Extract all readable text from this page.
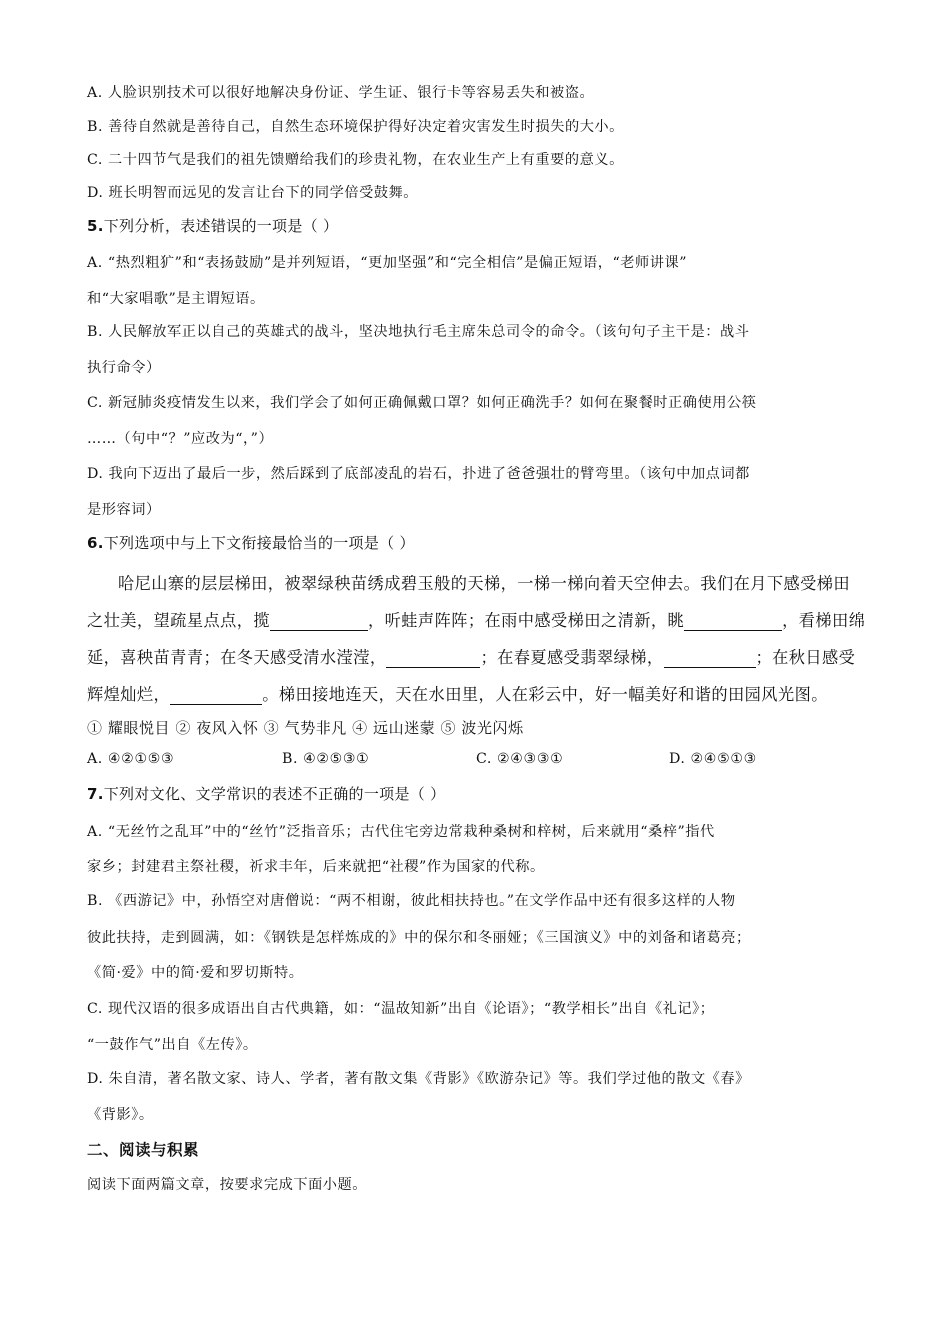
A. 人脸识别技术可以很好地解决身份证、学生证、银行卡等容易丢失和被盗。
B. 善待自然就是善待自己，自然生态环境保护得好决定着灾害发生时损失的大小。
C. 二十四节气是我们的祖先馈赠给我们的珍贵礼物，在农业生产上有重要的意义。
D. 班长明智而远见的发言让台下的同学倍受鼓舞。
5.下列分析，表述错误的一项是（ ）
A. “热烈粗犷”和“表扬鼓励”是并列短语，“更加坚强”和“完全相信”是偏正短语，“老师讲课”
和“大家唱歌”是主谓短语。
B. 人民解放军正以自己的英雄式的战斗，坚决地执行毛主席朱总司令的命令。（该句句子主干是：战斗
执行命令）
C. 新冠肺炎疫情发生以来，我们学会了如何正确佩戴口罩？如何正确洗手？如何在聚餐时正确使用公筷
……（句中“？”应改为“，”）
D. 我向下迈出了最后一步，然后踩到了底部凌乱的岩石，扑进了爸爸强壮的臂弯里。（该句中加点词都
是形容词）
6.下列选项中与上下文衔接最恰当的一项是（ ）
哈尼山寨的层层梯田，被翠绿秧苗绣成碧玉般的天梯，一梯一梯向着天空伸去。我们在月下感受梯田
之壮美，望疏星点点，揽	，听蛙声阵阵；在雨中感受梯田之清新，眺	，看梯田绵
延，喜秧苗青青；在冬天感受清水滢滢，	；在春夏感受翡翠绿梯，	；在秋日感受
辉煌灿烂，	。梯田接地连天，天在水田里，人在彩云中，好一幅美好和谐的田园风光图。
① 耀眼悦目 ② 夜风入怀 ③ 气势非凡 ④ 远山迷蒙 ⑤ 波光闪烁
A. ④②①⑤③	B. ④②⑤③①	C. ②④③③①	D. ②④⑤①③
7.下列对文化、文学常识的表述不正确的一项是（ ）
A. “无丝竹之乱耳”中的“丝竹”泛指音乐；古代住宅旁边常栽种桑树和梓树，后来就用“桑梓”指代
家乡；封建君主祭社稷，祈求丰年，后来就把“社稷”作为国家的代称。
B. 《西游记》中，孙悟空对唐僧说：“两不相谢，彼此相扶持也。”在文学作品中还有很多这样的人物
彼此扶持，走到圆满，如：《钢铁是怎样炼成的》中的保尔和冬丽娅；《三国演义》中的刘备和诸葛亮；
《简·爱》中的简·爱和罗切斯特。
C. 现代汉语的很多成语出自古代典籍，如：“温故知新”出自《论语》；“教学相长”出自《礼记》；
“一鼓作气”出自《左传》。
D. 朱自清，著名散文家、诗人、学者，著有散文集《背影》《欧游杂记》等。我们学过他的散文《春》
《背影》。
二、阅读与积累
阅读下面两篇文章，按要求完成下面小题。
